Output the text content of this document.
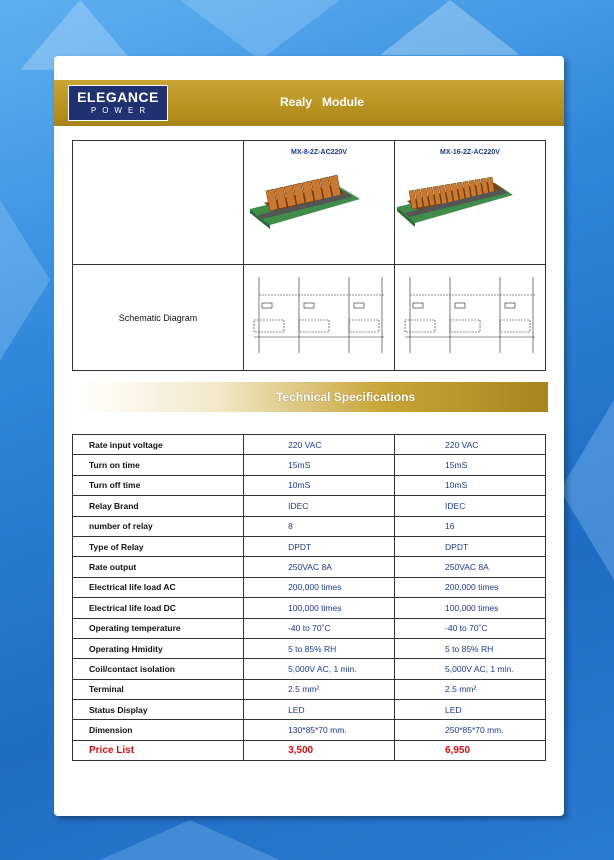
ELEGANCE
POWER
Realy   Module

	MX-8-2Z-AC220V	MX-16-2Z-AC220V

Schematic Diagram		
Technical Specifications
Rate input voltage	220 VAC	220 VAC
Turn on time	15mS	15mS
Turn off time	10mS	10mS
Relay Brand	IDEC	IDEC
number of relay	8	16
Type of Relay	DPDT	DPDT
Rate output	250VAC 8A	250VAC 8A
Electrical life load AC	200,000 times	200,000 times
Electrical life load DC	100,000 times	100,000 times
Operating temperature	-40 to 70˚C	-40 to 70˚C
Operating Hmidity	5 to 85% RH	5 to 85% RH
Coil/contact isolation	5,000V AC, 1 min.	5,000V AC, 1 min.
Terminal	2.5 mm²	2.5 mm²
Status Display	LED	LED
Dimension	130*85*70 mm.	250*85*70 mm.
Price List	3,500	6,950
